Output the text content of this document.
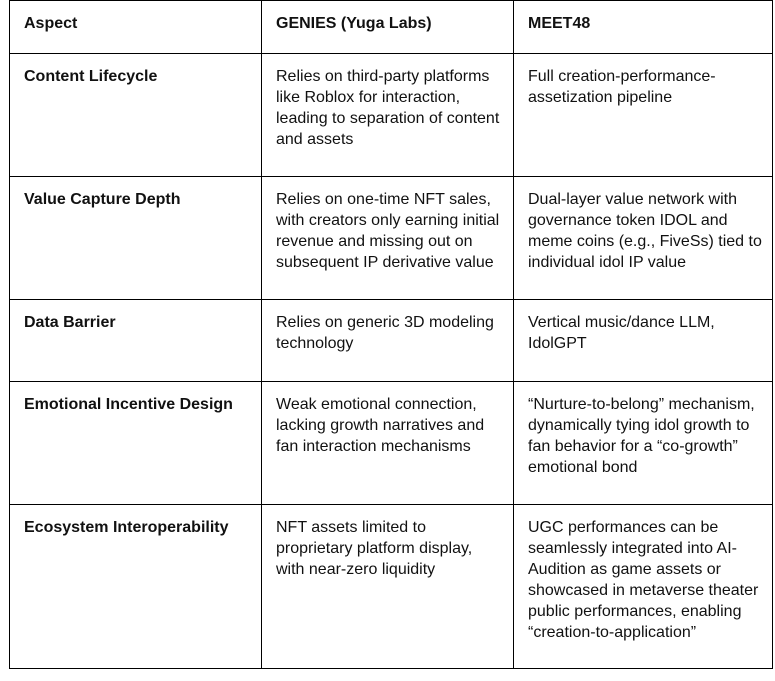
Aspect	GENIES (Yuga Labs)	MEET48
Content Lifecycle	Relies on third-party platforms like Roblox for interaction, leading to separation of content and assets	Full creation-performance-assetization pipeline
Value Capture Depth	Relies on one-time NFT sales, with creators only earning initial revenue and missing out on subsequent IP derivative value	Dual-layer value network with governance token IDOL and meme coins (e.g., FiveSs) tied to individual idol IP value
Data Barrier	Relies on generic 3D modeling technology	Vertical music/dance LLM, IdolGPT
Emotional Incentive Design	Weak emotional connection, lacking growth narratives and fan interaction mechanisms	“Nurture-to-belong” mechanism, dynamically tying idol growth to fan behavior for a “co-growth” emotional bond
Ecosystem Interoperability	NFT assets limited to proprietary platform display, with near-zero liquidity	UGC performances can be seamlessly integrated into AI-Audition as game assets or showcased in metaverse theater public performances, enabling “creation-to-application”
